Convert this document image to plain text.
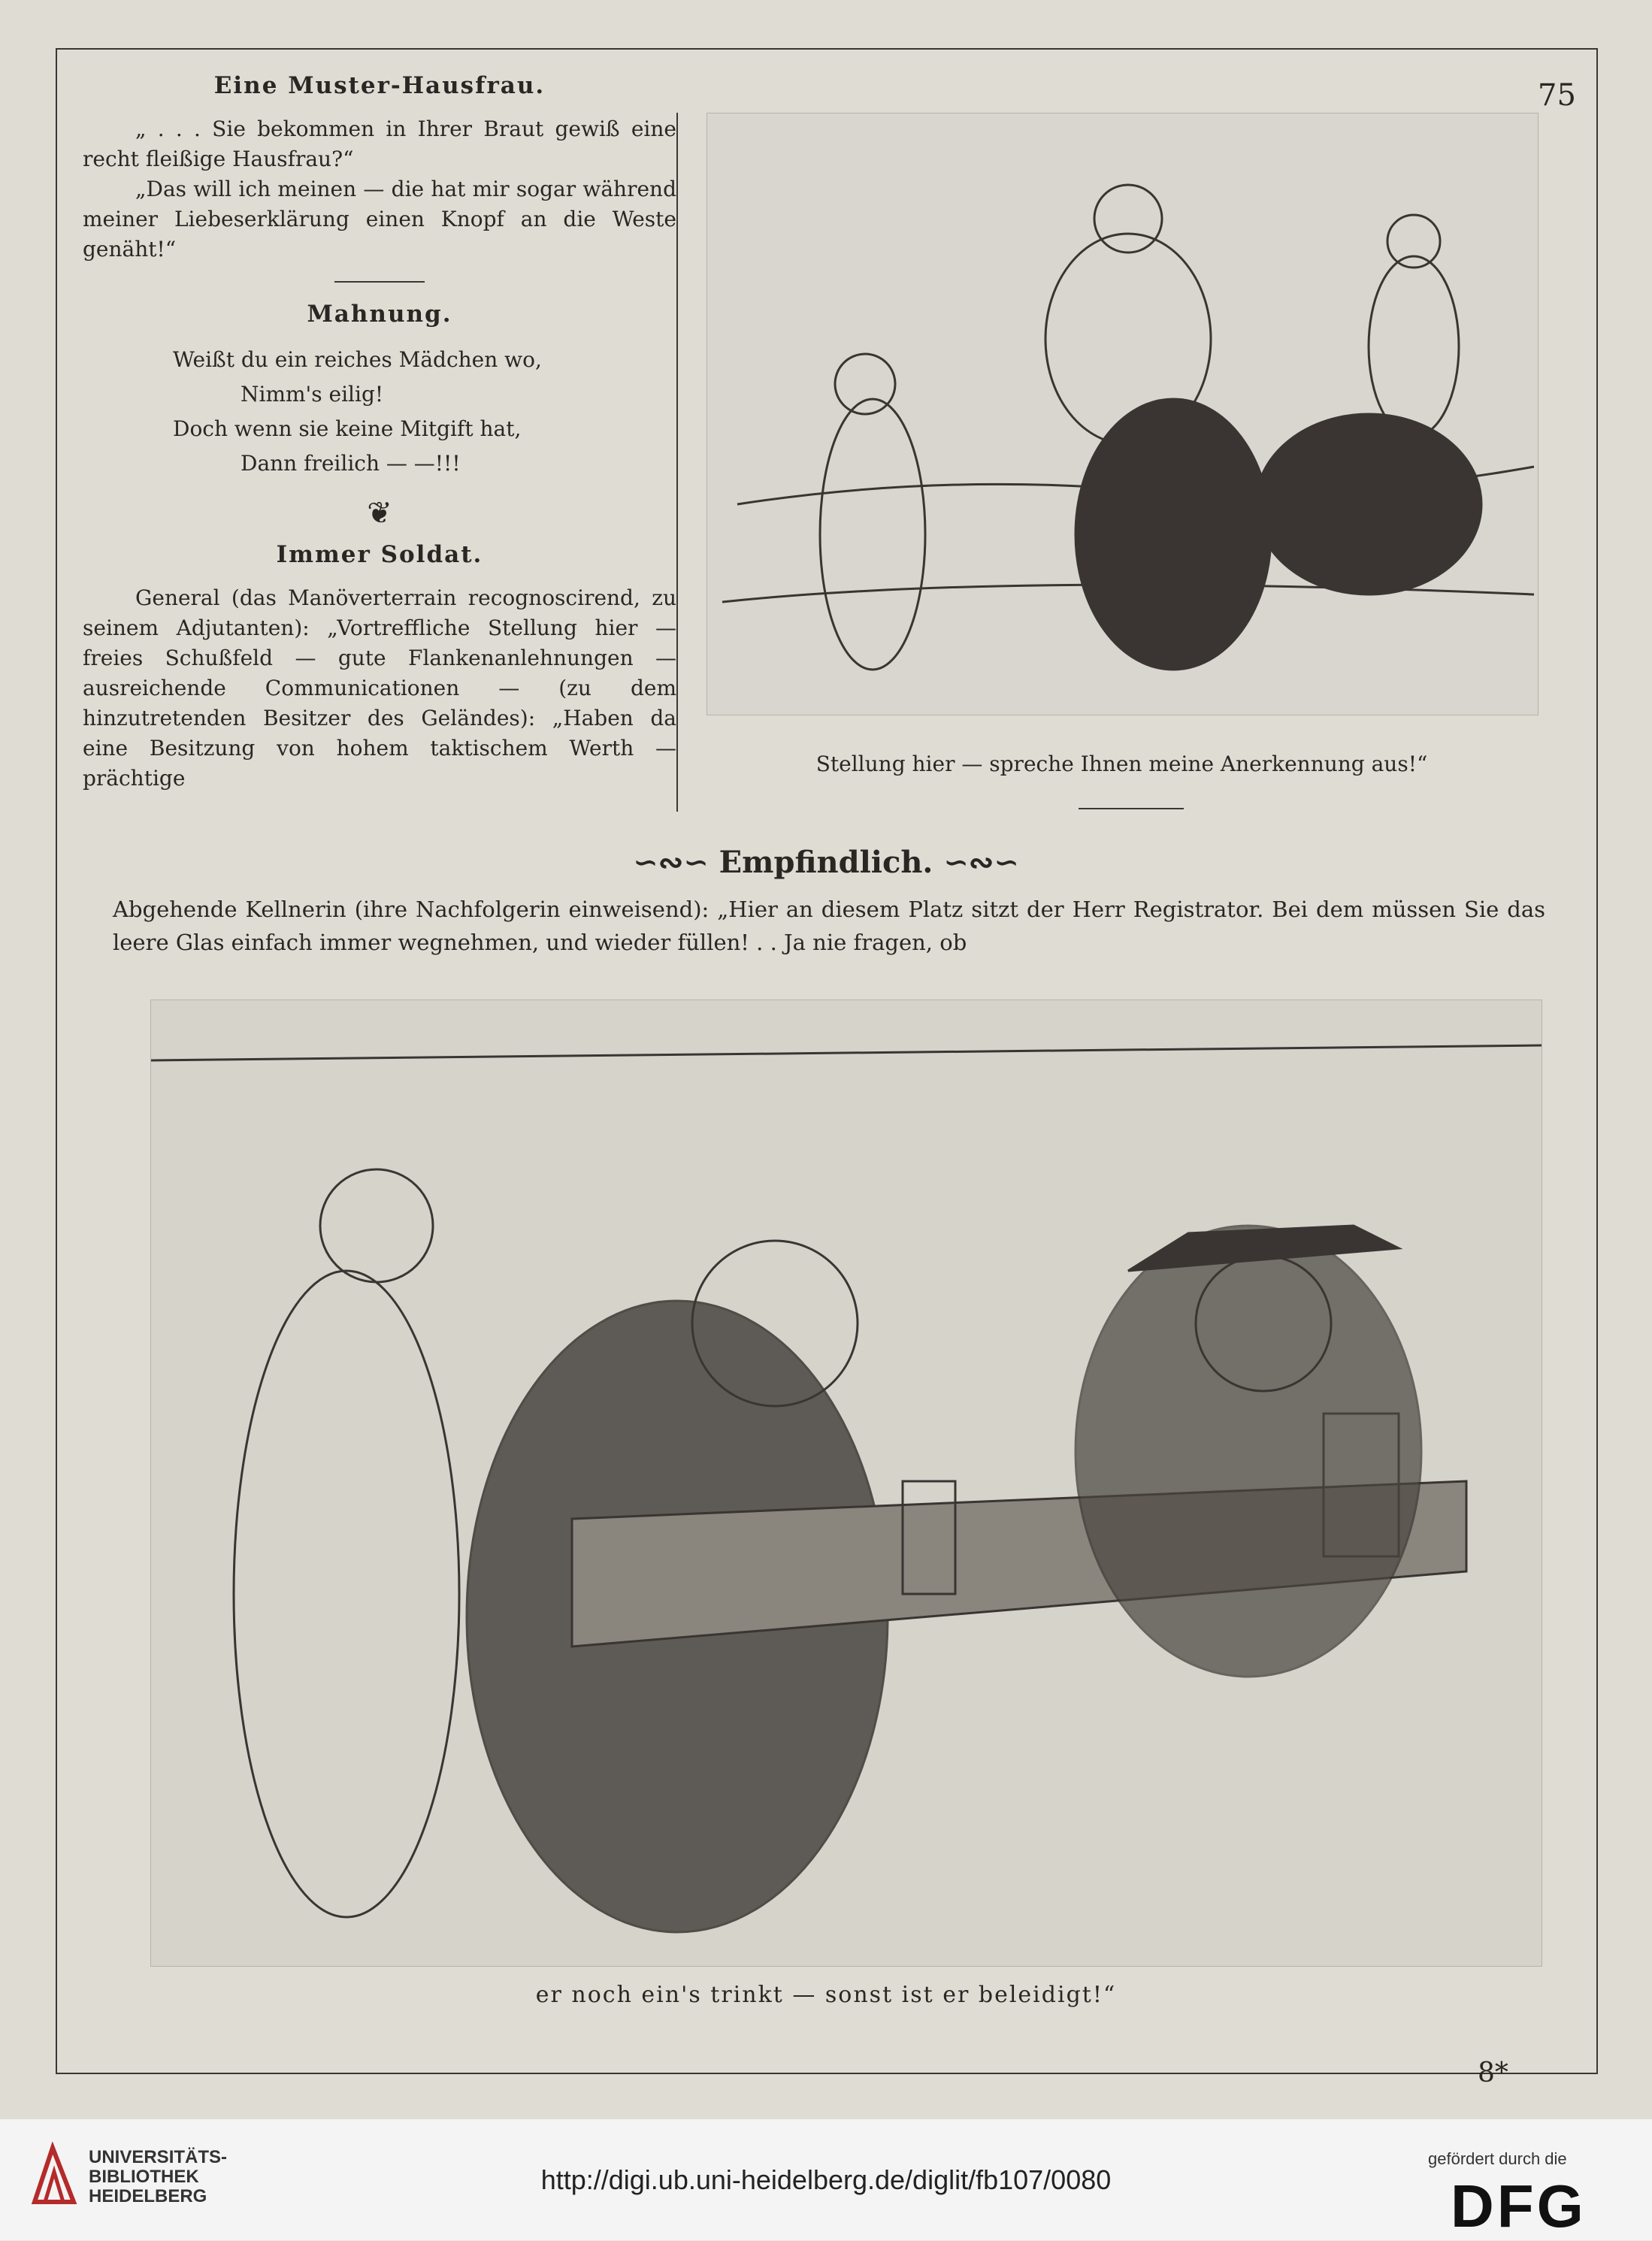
75
Eine Muster-Hausfrau.

„ . . . Sie bekommen in Ihrer Braut gewiß eine recht fleißige Hausfrau?“

„Das will ich meinen — die hat mir sogar während meiner Liebeserklärung einen Knopf an die Weste genäht!“

Mahnung.
Weißt du ein reiches Mädchen wo,
Nimm's eilig!
Doch wenn sie keine Mitgift hat,
Dann freilich — —!!!
❦
Immer Soldat.

General (das Manöverterrain recognoscirend, zu seinem Adjutanten): „Vortreffliche Stellung hier — freies Schußfeld — gute Flankenanlehnungen — ausreichende Communicationen — (zu dem hinzutretenden Besitzer des Geländes): „Haben da eine Besitzung von hohem taktischem Werth — prächtige

Stellung hier — spreche Ihnen meine Anerkennung aus!“
∽∾∽ Empfindlich. ∽∾∽
Abgehende Kellnerin (ihre Nachfolgerin einweisend): „Hier an diesem Platz sitzt der Herr Registrator. Bei dem müssen Sie das leere Glas einfach immer wegnehmen, und wieder füllen! . . Ja nie fragen, ob
er noch ein's trinkt — sonst ist er beleidigt!“
8*
UNIVERSITÄTS-
BIBLIOTHEK
HEIDELBERG
http://digi.ub.uni-heidelberg.de/diglit/fb107/0080
gefördert durch die
DFG
